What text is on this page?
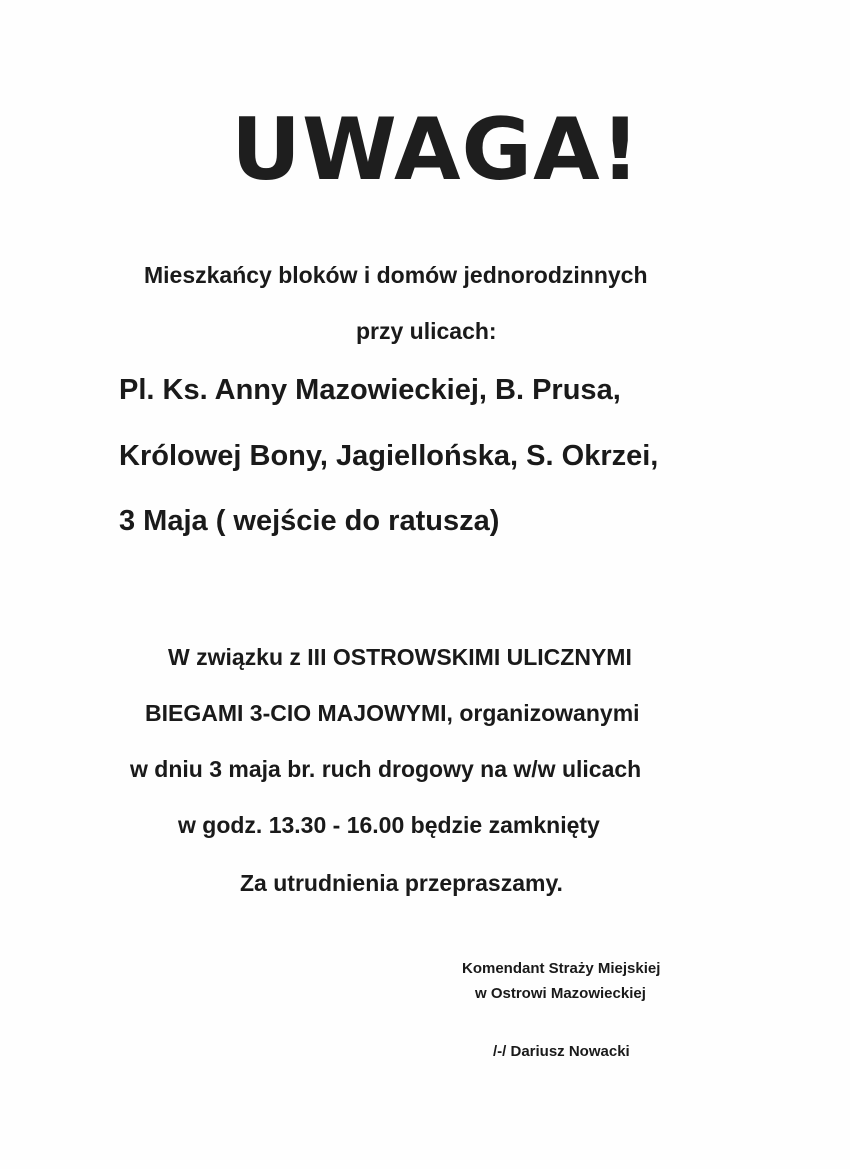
UWAGA!
Mieszkańcy bloków i domów jednorodzinnych
przy ulicach:
Pl. Ks. Anny Mazowieckiej, B. Prusa,
Królowej Bony, Jagiellońska, S. Okrzei,
3 Maja ( wejście do ratusza)
W związku z III OSTROWSKIMI ULICZNYMI
BIEGAMI 3-CIO MAJOWYMI, organizowanymi
w dniu 3 maja br. ruch drogowy na w/w ulicach
w godz. 13.30 - 16.00 będzie zamknięty
Za utrudnienia przepraszamy.
Komendant Straży Miejskiej
w Ostrowi Mazowieckiej
/-/ Dariusz Nowacki
